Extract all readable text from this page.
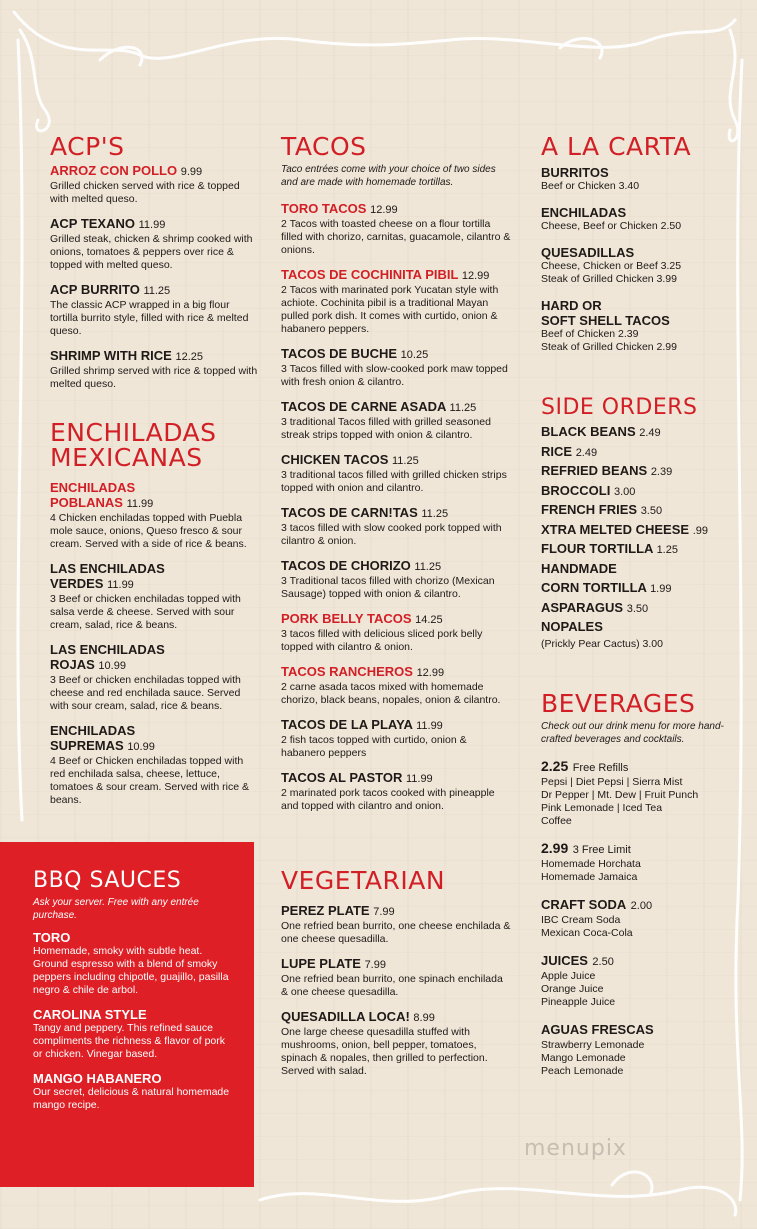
ACP'S
ARROZ CON POLLO 9.99
Grilled chicken served with rice & topped with melted queso.
ACP TEXANO 11.99
Grilled steak, chicken & shrimp cooked with onions, tomatoes & peppers over rice & topped with melted queso.
ACP BURRITO 11.25
The classic ACP wrapped in a big flour tortilla burrito style, filled with rice & melted queso.
SHRIMP WITH RICE 12.25
Grilled shrimp served with rice & topped with melted queso.
ENCHILADAS
MEXICANAS
ENCHILADAS
POBLANAS 11.99
4 Chicken enchiladas topped with Puebla mole sauce, onions, Queso fresco & sour cream. Served with a side of rice & beans.
LAS ENCHILADAS
VERDES 11.99
3 Beef or chicken enchiladas topped with salsa verde & cheese. Served with sour cream, salad, rice & beans.
LAS ENCHILADAS
ROJAS 10.99
3 Beef or chicken enchiladas topped with cheese and red enchilada sauce. Served with sour cream, salad, rice & beans.
ENCHILADAS
SUPREMAS 10.99
4 Beef or Chicken enchiladas topped with red enchilada salsa, cheese, lettuce, tomatoes & sour cream. Served with rice & beans.
BBQ SAUCES
Ask your server. Free with any entrée purchase.
TORO
Homemade, smoky with subtle heat. Ground espresso with a blend of smoky peppers including chipotle, guajillo, pasilla negro & chile de arbol.
CAROLINA STYLE
Tangy and peppery. This refined sauce compliments the richness & flavor of pork or chicken. Vinegar based.
MANGO HABANERO
Our secret, delicious & natural homemade mango recipe.
TACOS
Taco entrées come with your choice of two sides and are made with homemade tortillas.
TORO TACOS 12.99
2 Tacos with toasted cheese on a flour tortilla filled with chorizo, carnitas, guacamole, cilantro & onions.
TACOS DE COCHINITA PIBIL 12.99
2 Tacos with marinated pork Yucatan style with achiote. Cochinita pibil is a traditional Mayan pulled pork dish. It comes with curtido, onion & habanero peppers.
TACOS DE BUCHE 10.25
3 Tacos filled with slow-cooked pork maw topped with fresh onion & cilantro.
TACOS DE CARNE ASADA 11.25
3 traditional Tacos filled with grilled seasoned streak strips topped with onion & cilantro.
CHICKEN TACOS 11.25
3 traditional tacos filled with grilled chicken strips topped with onion and cilantro.
TACOS DE CARN!TAS 11.25
3 tacos filled with slow cooked pork topped with cilantro & onion.
TACOS DE CHORIZO 11.25
3 Traditional tacos filled with chorizo (Mexican Sausage) topped with onion & cilantro.
PORK BELLY TACOS 14.25
3 tacos filled with delicious sliced pork belly topped with cilantro & onion.
TACOS RANCHEROS 12.99
2 carne asada tacos mixed with homemade chorizo, black beans, nopales, onion & cilantro.
TACOS DE LA PLAYA 11.99
2 fish tacos topped with curtido, onion & habanero peppers
TACOS AL PASTOR 11.99
2 marinated pork tacos cooked with pineapple and topped with cilantro and onion.
VEGETARIAN
PEREZ PLATE 7.99
One refried bean burrito, one cheese enchilada & one cheese quesadilla.
LUPE PLATE 7.99
One refried bean burrito, one spinach enchilada & one cheese quesadilla.
QUESADILLA LOCA! 8.99
One large cheese quesadilla stuffed with mushrooms, onion, bell pepper, tomatoes, spinach & nopales, then grilled to perfection. Served with salad.
A LA CARTA
BURRITOS
Beef or Chicken 3.40
ENCHILADAS
Cheese, Beef or Chicken 2.50
QUESADILLAS
Cheese, Chicken or Beef 3.25
Steak of Grilled Chicken 3.99
HARD OR
SOFT SHELL TACOS
Beef of Chicken 2.39
Steak of Grilled Chicken 2.99
SIDE ORDERS
BLACK BEANS 2.49
RICE 2.49
REFRIED BEANS 2.39
BROCCOLI 3.00
FRENCH FRIES 3.50
XTRA MELTED CHEESE .99
FLOUR TORTILLA 1.25
HANDMADE
CORN TORTILLA 1.99
ASPARAGUS 3.50
NOPALES
(Prickly Pear Cactus) 3.00
BEVERAGES
Check out our drink menu for more hand-crafted beverages and cocktails.
2.25 Free Refills
Pepsi | Diet Pepsi | Sierra Mist
Dr Pepper | Mt. Dew | Fruit Punch
Pink Lemonade | Iced Tea
Coffee
2.99 3 Free Limit
Homemade Horchata
Homemade Jamaica
CRAFT SODA 2.00
IBC Cream Soda
Mexican Coca-Cola
JUICES 2.50
Apple Juice
Orange Juice
Pineapple Juice
AGUAS FRESCAS
Strawberry Lemonade
Mango Lemonade
Peach Lemonade
menupix
